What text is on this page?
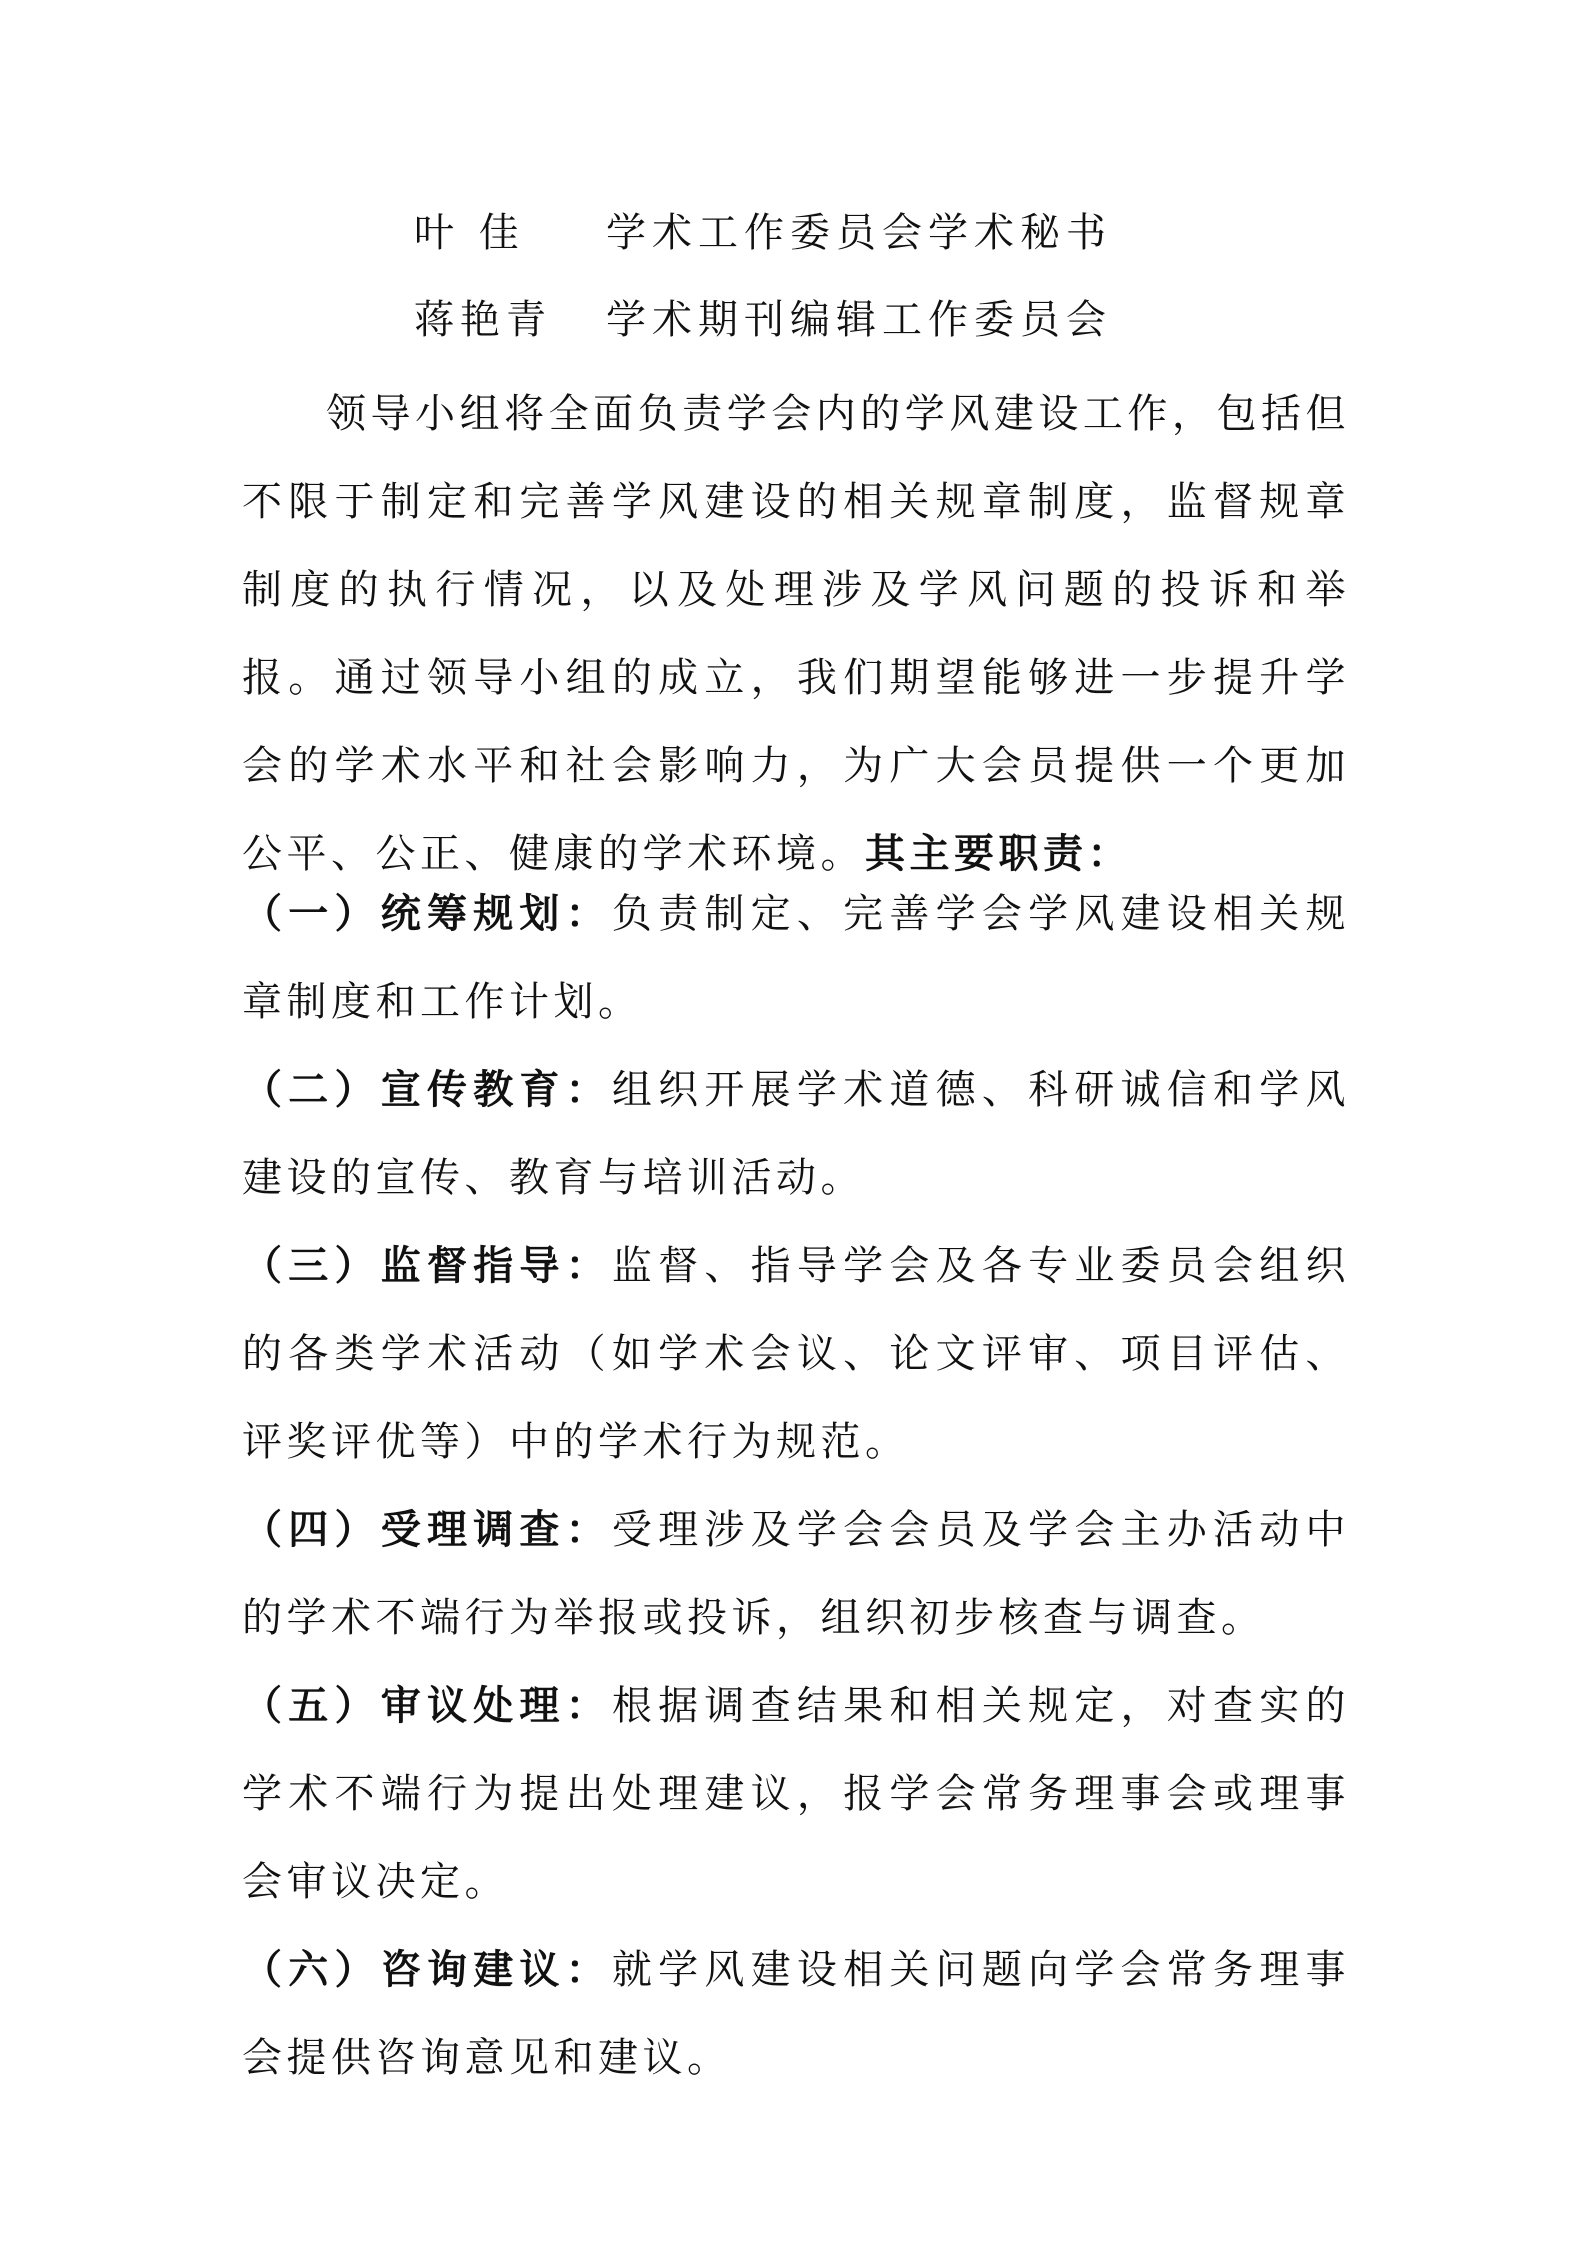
叶 佳 学术工作委员会学术秘书
蒋艳青 学术期刊编辑工作委员会
领导小组将全面负责学会内的学风建设工作，包括但不限于制定和完善学风建设的相关规章制度，监督规章制度的执行情况，以及处理涉及学风问题的投诉和举报。通过领导小组的成立，我们期望能够进一步提升学会的学术水平和社会影响力，为广大会员提供一个更加公平、公正、健康的学术环境。其主要职责：

（一）统筹规划：负责制定、完善学会学风建设相关规章制度和工作计划。

（二）宣传教育：组织开展学术道德、科研诚信和学风建设的宣传、教育与培训活动。

（三）监督指导：监督、指导学会及各专业委员会组织的各类学术活动（如学术会议、论文评审、项目评估、评奖评优等）中的学术行为规范。

（四）受理调查：受理涉及学会会员及学会主办活动中的学术不端行为举报或投诉，组织初步核查与调查。

（五）审议处理：根据调查结果和相关规定，对查实的学术不端行为提出处理建议，报学会常务理事会或理事会审议决定。

（六）咨询建议：就学风建设相关问题向学会常务理事会提供咨询意见和建议。
